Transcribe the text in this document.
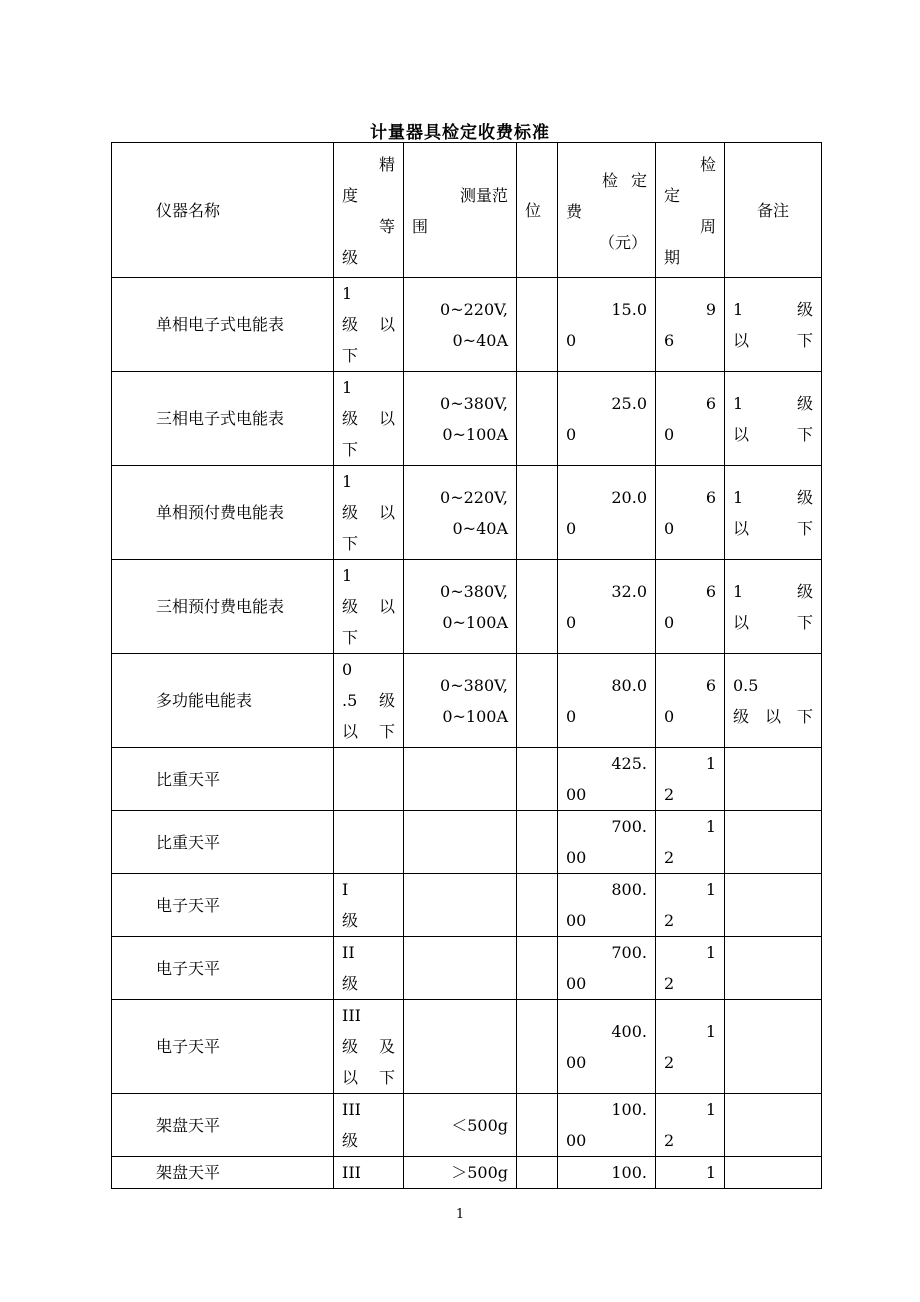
计量器具检定收费标准
仪器名称	精
度
等
级	测量范
围	位	检定
费
（元）	检
定
周
期	备注

单相电子式电能表	1
级　以
下	0~220V,
0~40A		15.0
0	9
6	1　级
以下

三相电子式电能表	1
级　以
下	0~380V,
0~100A		25.0
0	6
0	1　级
以下

单相预付费电能表	1
级　以
下	0~220V,
0~40A		20.0
0	6
0	1　级
以下

三相预付费电能表	1
级　以
下	0~380V,
0~100A		32.0
0	6
0	1　级
以下

多功能电能表	0
.5　级
以下	0~380V,
0~100A		80.0
0	6
0	0.5
级以下

比重天平				425.
00	1
2	

比重天平				700.
00	1
2	

电子天平	I
级			800.
00	1
2	

电子天平	II
级			700.
00	1
2	

电子天平	III
级　及
以下			400.
00	1
2	

架盘天平	III
级	＜500g		100.
00	1
2	

架盘天平	III	＞500g		100.	1	

1
